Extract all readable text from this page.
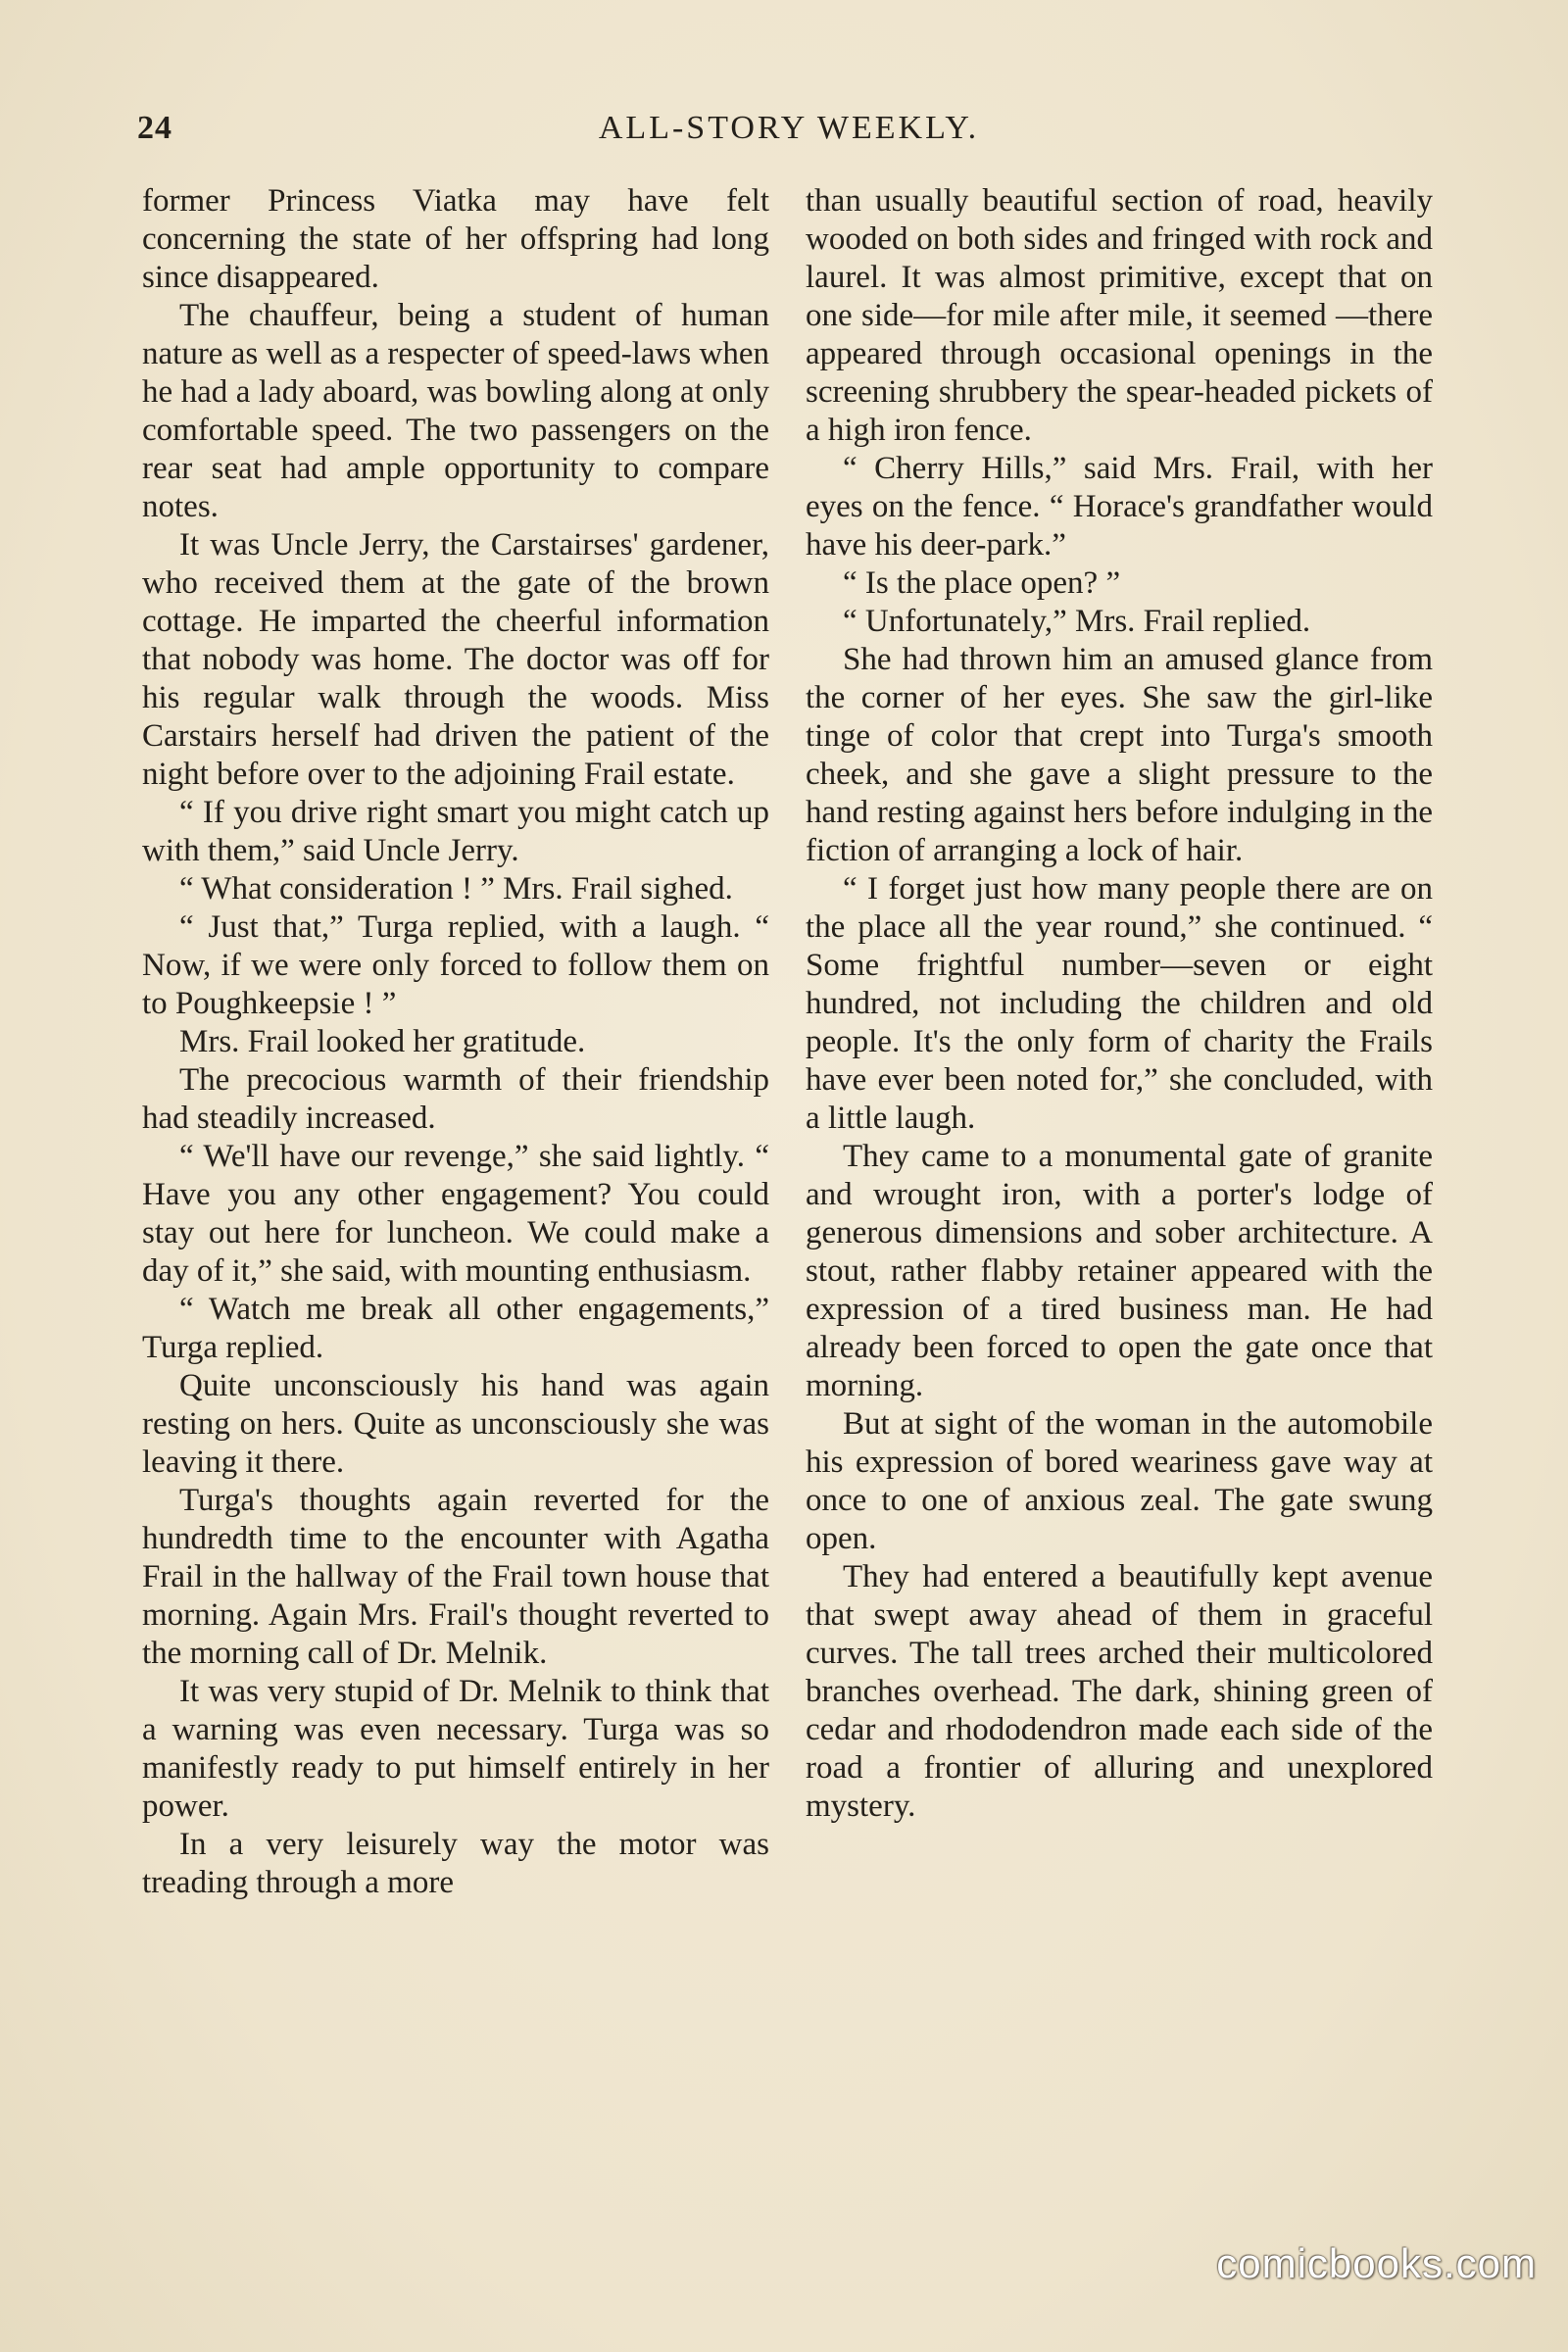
24	ALL-STORY WEEKLY.

former Princess Viatka may have felt concerning the state of her offspring had long since disappeared.

The chauffeur, being a student of human nature as well as a respecter of speed-laws when he had a lady aboard, was bowling along at only comfortable speed. The two passengers on the rear seat had ample opportunity to compare notes.

It was Uncle Jerry, the Carstairses' gardener, who received them at the gate of the brown cottage. He imparted the cheerful information that nobody was home. The doctor was off for his regular walk through the woods. Miss Carstairs herself had driven the patient of the night before over to the adjoining Frail estate.

“ If you drive right smart you might catch up with them,” said Uncle Jerry.

“ What consideration ! ” Mrs. Frail sighed.

“ Just that,” Turga replied, with a laugh. “ Now, if we were only forced to follow them on to Poughkeepsie ! ”

Mrs. Frail looked her gratitude.

The precocious warmth of their friendship had steadily increased.

“ We'll have our revenge,” she said lightly. “ Have you any other engagement? You could stay out here for luncheon. We could make a day of it,” she said, with mounting enthusiasm.

“ Watch me break all other engagements,” Turga replied.

Quite unconsciously his hand was again resting on hers. Quite as unconsciously she was leaving it there.

Turga's thoughts again reverted for the hundredth time to the encounter with Agatha Frail in the hallway of the Frail town house that morning. Again Mrs. Frail's thought reverted to the morning call of Dr. Melnik.

It was very stupid of Dr. Melnik to think that a warning was even necessary. Turga was so manifestly ready to put himself entirely in her power.

In a very leisurely way the motor was treading through a more

than usually beautiful section of road, heavily wooded on both sides and fringed with rock and laurel. It was almost primitive, except that on one side—for mile after mile, it seemed —there appeared through occasional openings in the screening shrubbery the spear-headed pickets of a high iron fence.

“ Cherry Hills,” said Mrs. Frail, with her eyes on the fence. “ Horace's grandfather would have his deer-park.”

“ Is the place open? ”

“ Unfortunately,” Mrs. Frail replied.

She had thrown him an amused glance from the corner of her eyes. She saw the girl-like tinge of color that crept into Turga's smooth cheek, and she gave a slight pressure to the hand resting against hers before indulging in the fiction of arranging a lock of hair.

“ I forget just how many people there are on the place all the year round,” she continued. “ Some frightful number—seven or eight hundred, not including the children and old people. It's the only form of charity the Frails have ever been noted for,” she concluded, with a little laugh.

They came to a monumental gate of granite and wrought iron, with a porter's lodge of generous dimensions and sober architecture. A stout, rather flabby retainer appeared with the expression of a tired business man. He had already been forced to open the gate once that morning.

But at sight of the woman in the automobile his expression of bored weariness gave way at once to one of anxious zeal. The gate swung open.

They had entered a beautifully kept avenue that swept away ahead of them in graceful curves. The tall trees arched their multicolored branches overhead. The dark, shining green of cedar and rhododendron made each side of the road a frontier of alluring and unexplored mystery.

comicbooks.com
